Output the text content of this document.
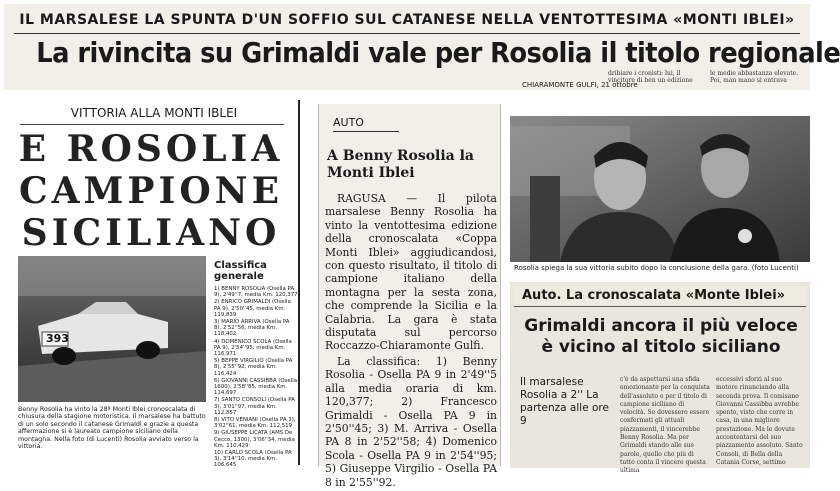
IL MARSALESE LA SPUNTA D'UN SOFFIO SUL CATANESE NELLA VENTOTTESIMA «MONTI IBLEI»
La rivincita su Grimaldi vale per Rosolia il titolo regionale
dribiare i cronisti: lui, il vincitore di ben un edizione
le medie abbastanza elevate. Poi, man mano si entrava
CHIARAMONTE GULFI, 21 ottobre
VITTORIA ALLA MONTI IBLEI
E ROSOLIA
CAMPIONE
SICILIANO
393
Benny Rosolia ha vinto la 28ª Monti Iblei cronoscalata di chiusura della stagione motoristica. Il marsalese ha battuto di un solo secondo il catanese Grimaldi e grazie a questa affermazione si è laureato campione siciliano della montagna. Nella foto (di Lucenti) Rosolia avviato verso la vittoria.
Classifica generale
1) BENNY ROSOLIA (Osella PA 9), 2'49''7, media Km. 120,377
2) ENRICO GRIMALDI (Osella PA 9), 2'50''45, media Km. 119,839
3) MARIO ARRIVA (Osella PA 8), 2'52''56, media Km. 118,402
4) DOMENICO SCOLA (Osella PA 9), 2'54''95, media Km. 116,971
5) BEPPE VIRGILIO (Osella PA 8), 2'55''92, media Km. 116,424
6) GIOVANNI CASSIBBA (Osella 1600), 2'58''85, media Km. 114,697
7) SANTO CONSOLI (Osella PA 3), 3'01''97, media Km. 112,857
8) VITO VENIANI (Osella PA 3), 3'02''61, media Km. 112,519
9) GIUSEPPE LICATA (AMS De Cecco, 1300), 3'06''34, media Km. 110,429
10) CARLO SCOLA (Osella PA 3), 3'14''10, media Km. 106,645
AUTO
A Benny Rosolia la Monti Iblei

RAGUSA — Il pilota marsalese Benny Rosolia ha vinto la ventottesima edizione della cronoscalata «Coppa Monti Iblei» aggiudicandosi, con questo risultato, il titolo di campione italiano della montagna per la sesta zona, che comprende la Sicilia e la Calabria. La gara è stata disputata sul percorso Roccazzo-Chiaramonte Gulfi.

La classifica: 1) Benny Rosolia - Osella PA 9 in 2'49''5 alla media oraria di km. 120,377; 2) Francesco Grimaldi - Osella PA 9 in 2'50''45; 3) M. Arriva - Osella PA 8 in 2'52''58; 4) Domenico Scola - Osella PA 9 in 2'54''95; 5) Giuseppe Virgilio - Osella PA 8 in 2'55''92.

Rosolia spiega la sua vittoria subito dopo la conclusione della gara. (foto Lucenti)
Auto. La cronoscalata «Monte Iblei»
Grimaldi ancora il più veloce è vicino al titolo siciliano
Il marsalese Rosolia a 2'' La partenza alle ore 9
c'è da aspettarsi una sfida emozionante per la conquista dell'assoluto e per il titolo di campione siciliano di velocità. Se dovessero essere confermati gli attuali piazzamenti, il vincerebbe Benny Rosolia. Ma per Grimaldi stando alle sue parole, quello che più di tutto conta il vincere questa ultima
eccessivi sforzi al suo motore rinunciando alla seconda prova. Il comisano Giovanni Cassibba avrebbe spento, visto che corre in casa, in una migliore prestazione. Ma le dovute accontentarsi del suo piazzamento assoluto. Santo Consoli, di Bella della Catania Corse, settimo
